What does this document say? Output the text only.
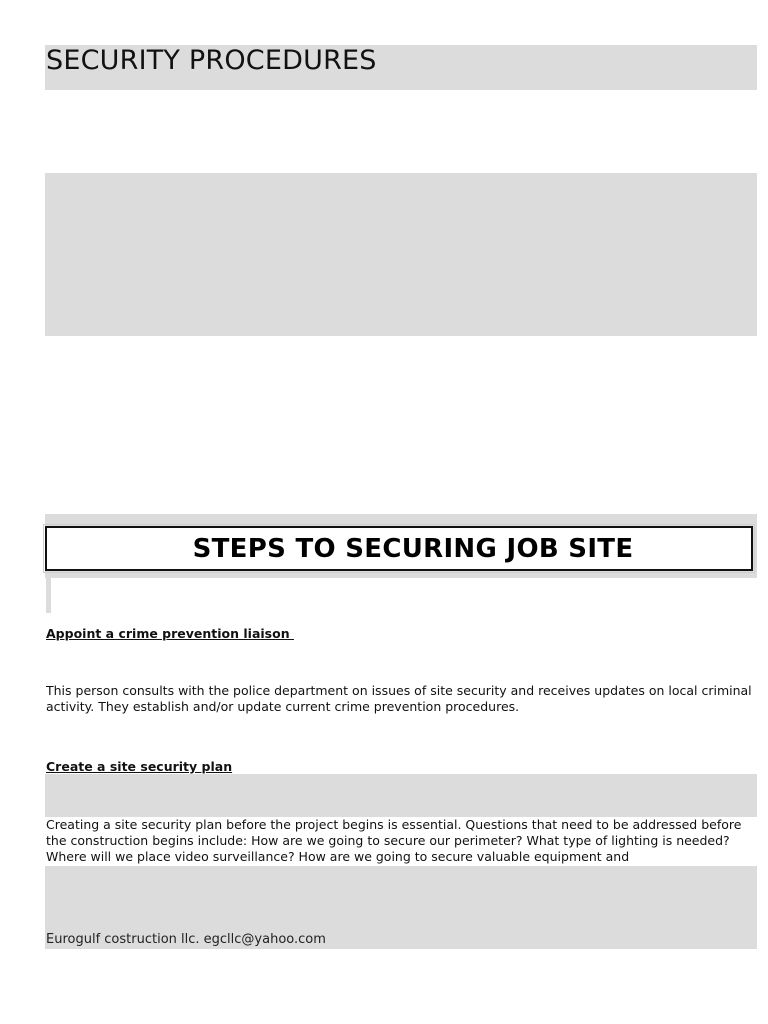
SECURITY PROCEDURES
STEPS TO SECURING JOB SITE
Appoint a crime prevention liaison
This person consults with the police department on issues of site security and receives updates on local criminal activity. They establish and/or update current crime prevention procedures.
Create a site security plan
Creating a site security plan before the project begins is essential. Questions that need to be addressed before the construction begins include: How are we going to secure our perimeter? What type of lighting is needed? Where will we place video surveillance? How are we going to secure valuable equipment and
Eurogulf costruction llc. egcllc@yahoo.com
